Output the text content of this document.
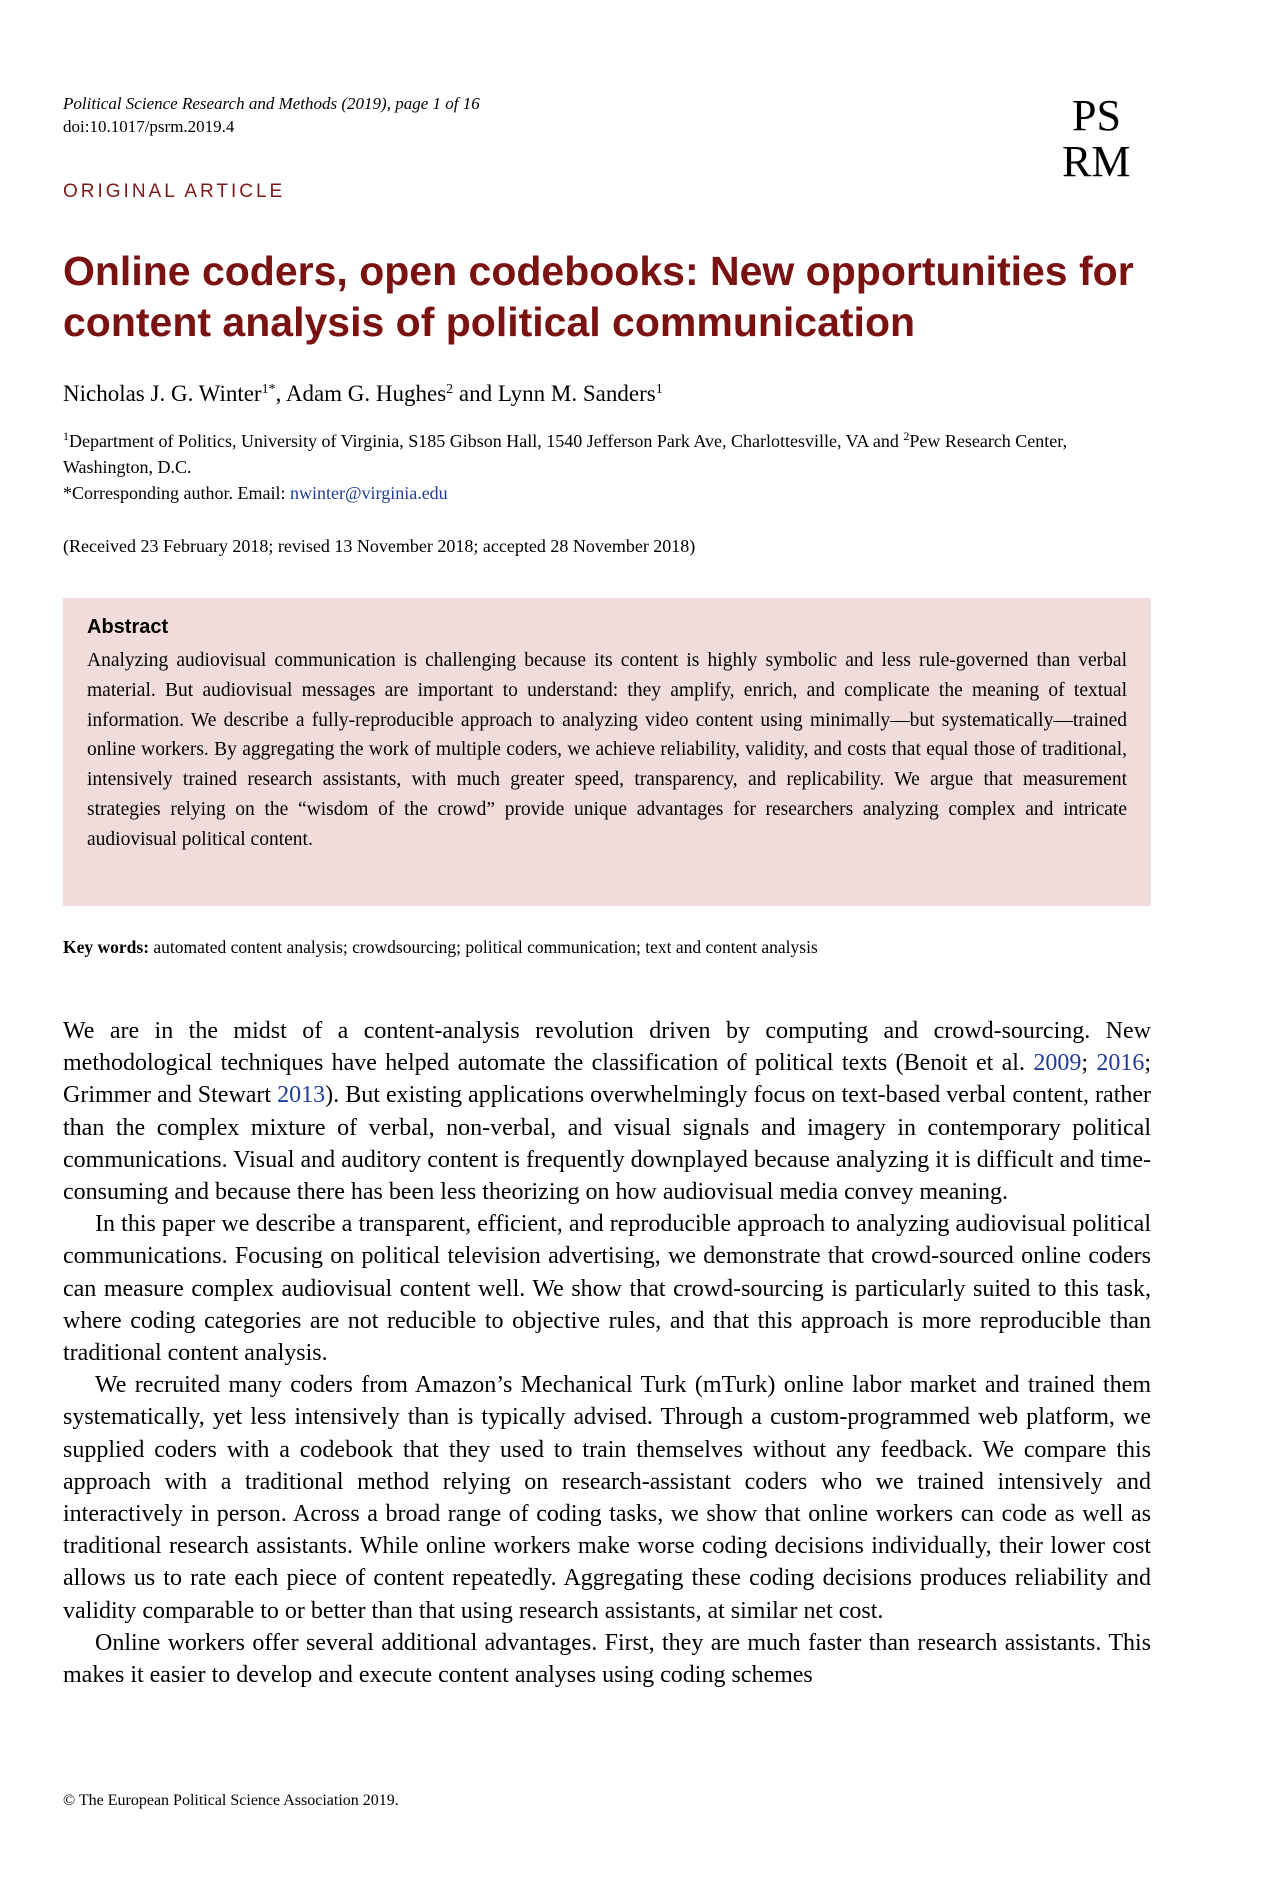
Political Science Research and Methods (2019), page 1 of 16
doi:10.1017/psrm.2019.4	PS
RM
ORIGINAL ARTICLE
Online coders, open codebooks: New opportunities for content analysis of political communication
Nicholas J. G. Winter$^{1*}$, Adam G. Hughes$^2$ and Lynn M. Sanders$^1$
$^1$Department of Politics, University of Virginia, S185 Gibson Hall, 1540 Jefferson Park Ave, Charlottesville, VA and $^2$Pew Research Center, Washington, D.C.
*Corresponding author. Email: nwinter@virginia.edu
(Received 23 February 2018; revised 13 November 2018; accepted 28 November 2018)
Abstract

Analyzing audiovisual communication is challenging because its content is highly symbolic and less rule-governed than verbal material. But audiovisual messages are important to understand: they amplify, enrich, and complicate the meaning of textual information. We describe a fully-reproducible approach to analyzing video content using minimally—but systematically—trained online workers. By aggregating the work of multiple coders, we achieve reliability, validity, and costs that equal those of traditional, intensively trained research assistants, with much greater speed, transparency, and replicability. We argue that measurement strategies relying on the “wisdom of the crowd” provide unique advantages for researchers analyzing complex and intricate audiovisual political content.

Key words: automated content analysis; crowdsourcing; political communication; text and content analysis

We are in the midst of a content-analysis revolution driven by computing and crowd-sourcing. New methodological techniques have helped automate the classification of political texts (Benoit et al. 2009; 2016; Grimmer and Stewart 2013). But existing applications overwhelmingly focus on text-based verbal content, rather than the complex mixture of verbal, non-verbal, and visual signals and imagery in contemporary political communications. Visual and auditory content is frequently downplayed because analyzing it is difficult and time-consuming and because there has been less theorizing on how audiovisual media convey meaning.

In this paper we describe a transparent, efficient, and reproducible approach to analyzing audiovisual political communications. Focusing on political television advertising, we demonstrate that crowd-sourced online coders can measure complex audiovisual content well. We show that crowd-sourcing is particularly suited to this task, where coding categories are not reducible to objective rules, and that this approach is more reproducible than traditional content analysis.

We recruited many coders from Amazon’s Mechanical Turk (mTurk) online labor market and trained them systematically, yet less intensively than is typically advised. Through a custom-programmed web platform, we supplied coders with a codebook that they used to train themselves without any feedback. We compare this approach with a traditional method relying on research-assistant coders who we trained intensively and interactively in person. Across a broad range of coding tasks, we show that online workers can code as well as traditional research assistants. While online workers make worse coding decisions individually, their lower cost allows us to rate each piece of content repeatedly. Aggregating these coding decisions produces reliability and validity comparable to or better than that using research assistants, at similar net cost.

Online workers offer several additional advantages. First, they are much faster than research assistants. This makes it easier to develop and execute content analyses using coding schemes

© The European Political Science Association 2019.
